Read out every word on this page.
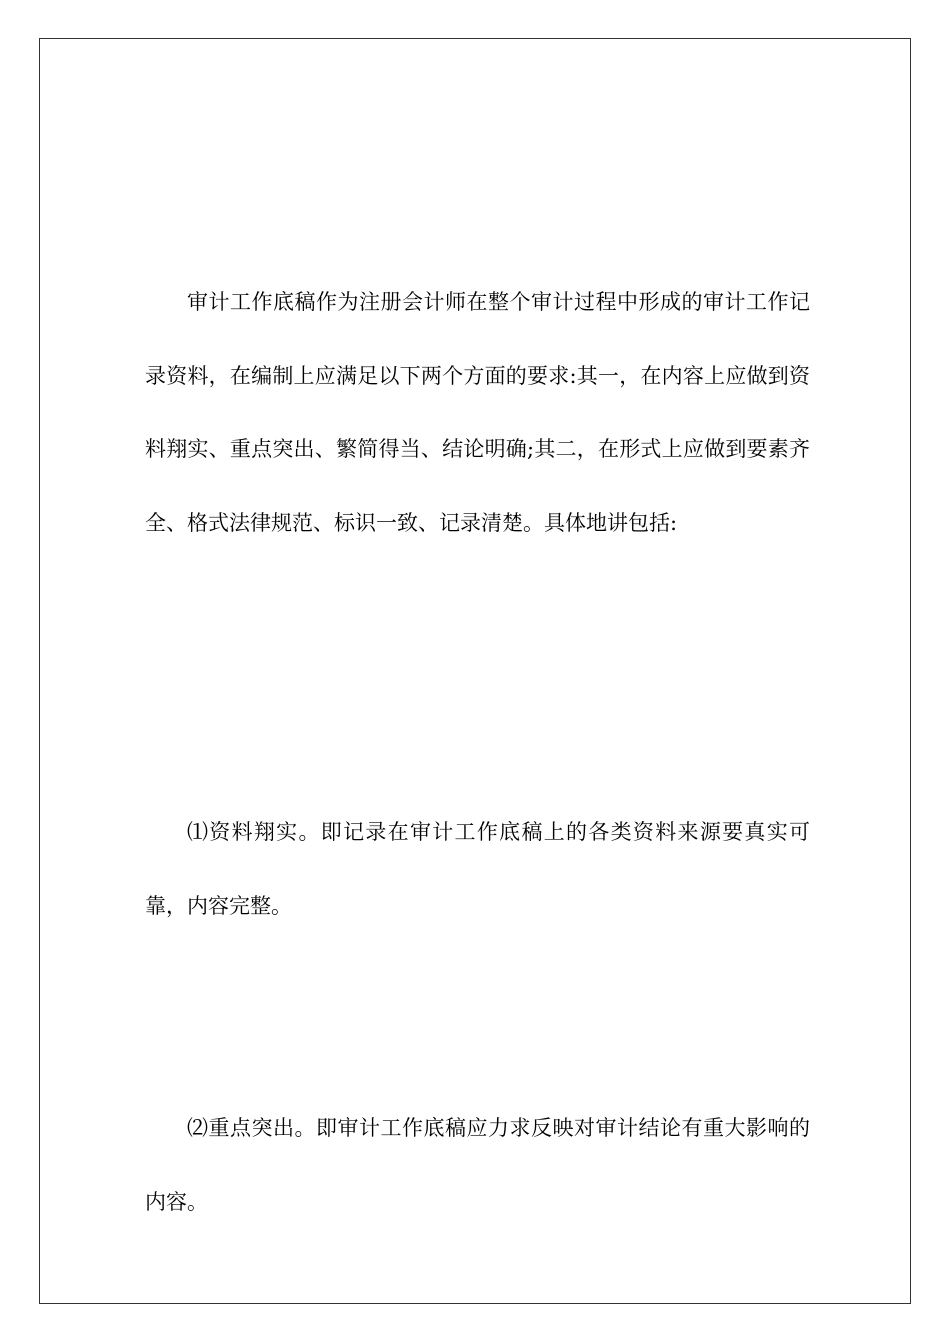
审计工作底稿作为注册会计师在整个审计过程中形成的审计工作记录资料，在编制上应满足以下两个方面的要求:其一，在内容上应做到资料翔实、重点突出、繁简得当、结论明确;其二，在形式上应做到要素齐全、格式法律规范、标识一致、记录清楚。具体地讲包括:

⑴资料翔实。即记录在审计工作底稿上的各类资料来源要真实可靠，内容完整。

⑵重点突出。即审计工作底稿应力求反映对审计结论有重大影响的内容。
